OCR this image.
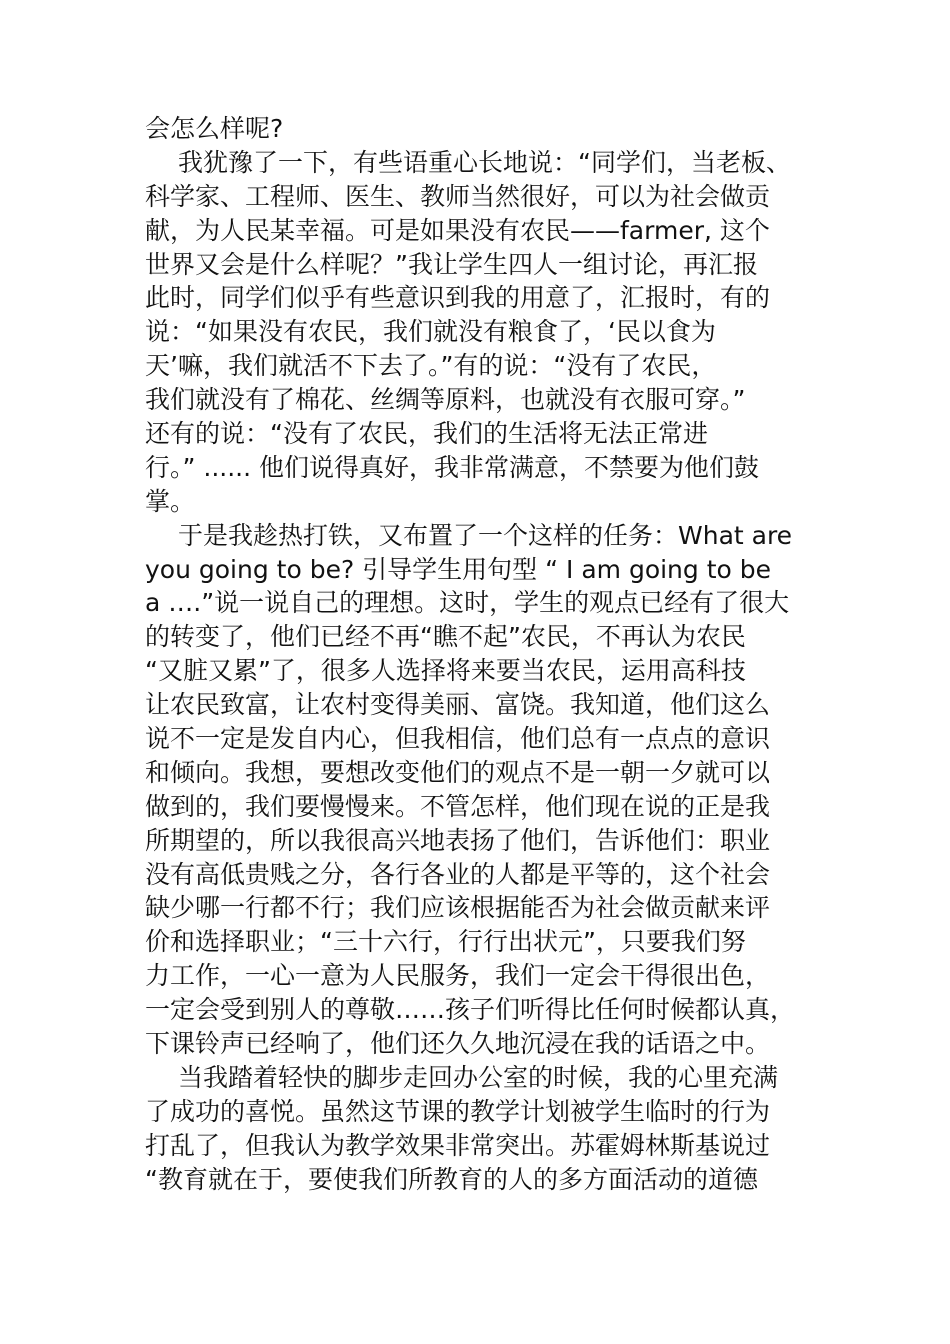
会怎么样呢?
我犹豫了一下，有些语重心长地说：“同学们，当老板、
科学家、工程师、医生、教师当然很好，可以为社会做贡
献，为人民某幸福。可是如果没有农民——farmer, 这个
世界又会是什么样呢？”我让学生四人一组讨论，再汇报
此时，同学们似乎有些意识到我的用意了，汇报时，有的
说：“如果没有农民，我们就没有粮食了，‘民以食为
天’嘛，我们就活不下去了。”有的说：“没有了农民，
我们就没有了棉花、丝绸等原料，也就没有衣服可穿。”
还有的说：“没有了农民，我们的生活将无法正常进
行。” ...... 他们说得真好，我非常满意，不禁要为他们鼓
掌。
于是我趁热打铁，又布置了一个这样的任务：What are
you going to be? 引导学生用句型 “ I am going to be
a ….”说一说自己的理想。这时，学生的观点已经有了很大
的转变了，他们已经不再“瞧不起”农民，不再认为农民
“又脏又累”了，很多人选择将来要当农民，运用高科技
让农民致富，让农村变得美丽、富饶。我知道，他们这么
说不一定是发自内心，但我相信，他们总有一点点的意识
和倾向。我想，要想改变他们的观点不是一朝一夕就可以
做到的，我们要慢慢来。不管怎样，他们现在说的正是我
所期望的，所以我很高兴地表扬了他们，告诉他们：职业
没有高低贵贱之分，各行各业的人都是平等的，这个社会
缺少哪一行都不行；我们应该根据能否为社会做贡献来评
价和选择职业；“三十六行，行行出状元”，只要我们努
力工作，一心一意为人民服务，我们一定会干得很出色，
一定会受到别人的尊敬……孩子们听得比任何时候都认真，
下课铃声已经响了，他们还久久地沉浸在我的话语之中。
当我踏着轻快的脚步走回办公室的时候，我的心里充满
了成功的喜悦。虽然这节课的教学计划被学生临时的行为
打乱了，但我认为教学效果非常突出。苏霍姆林斯基说过
“教育就在于，要使我们所教育的人的多方面活动的道德
